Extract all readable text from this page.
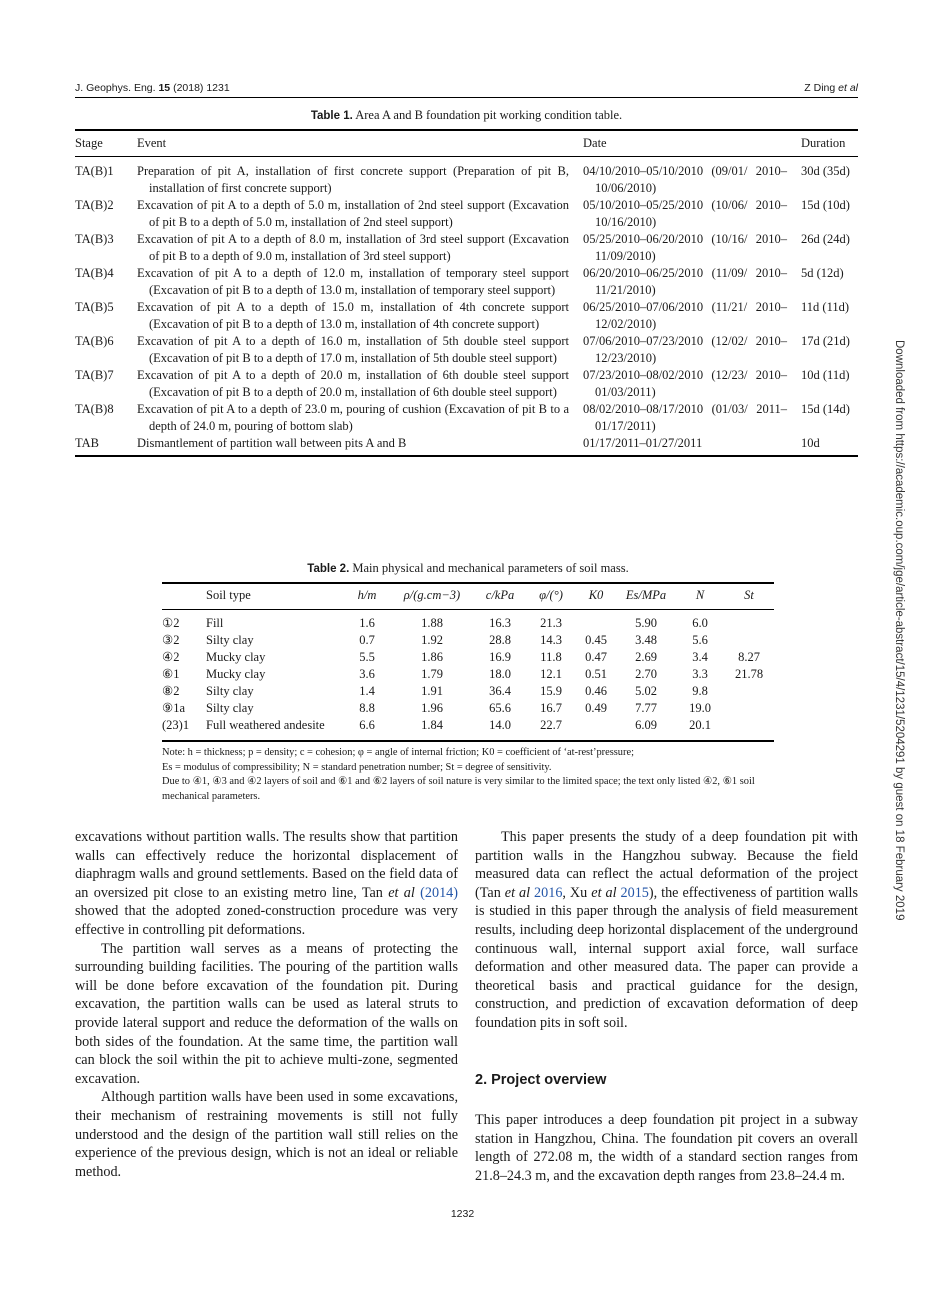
J. Geophys. Eng. 15 (2018) 1231	Z Ding et al
Table 1. Area A and B foundation pit working condition table.
Stage	Event	Date	Duration
TA(B)1	Preparation of pit A, installation of first concrete support (Preparation of pit B, installation of first concrete support)	04/10/2010–05/10/2010 (09/01/ 2010–10/06/2010)	30d (35d)
TA(B)2	Excavation of pit A to a depth of 5.0 m, installation of 2nd steel support (Excavation of pit B to a depth of 5.0 m, installation of 2nd steel support)	05/10/2010–05/25/2010 (10/06/ 2010–10/16/2010)	15d (10d)
TA(B)3	Excavation of pit A to a depth of 8.0 m, installation of 3rd steel support (Excavation of pit B to a depth of 9.0 m, installation of 3rd steel support)	05/25/2010–06/20/2010 (10/16/ 2010–11/09/2010)	26d (24d)
TA(B)4	Excavation of pit A to a depth of 12.0 m, installation of temporary steel support (Excavation of pit B to a depth of 13.0 m, installation of temporary steel support)	06/20/2010–06/25/2010 (11/09/ 2010–11/21/2010)	5d (12d)
TA(B)5	Excavation of pit A to a depth of 15.0 m, installation of 4th concrete support (Excavation of pit B to a depth of 13.0 m, installation of 4th concrete support)	06/25/2010–07/06/2010 (11/21/ 2010–12/02/2010)	11d (11d)
TA(B)6	Excavation of pit A to a depth of 16.0 m, installation of 5th double steel support (Excavation of pit B to a depth of 17.0 m, installation of 5th double steel support)	07/06/2010–07/23/2010 (12/02/ 2010–12/23/2010)	17d (21d)
TA(B)7	Excavation of pit A to a depth of 20.0 m, installation of 6th double steel support (Excavation of pit B to a depth of 20.0 m, installation of 6th double steel support)	07/23/2010–08/02/2010 (12/23/ 2010–01/03/2011)	10d (11d)
TA(B)8	Excavation of pit A to a depth of 23.0 m, pouring of cushion (Excavation of pit B to a depth of 24.0 m, pouring of bottom slab)	08/02/2010–08/17/2010 (01/03/ 2011–01/17/2011)	15d (14d)
TAB	Dismantlement of partition wall between pits A and B	01/17/2011–01/27/2011	10d
Table 2. Main physical and mechanical parameters of soil mass.
	Soil type	h/m	ρ/(g.cm−3)	c/kPa	φ/(°)	K0	Es/MPa	N	St
①2	Fill	1.6	1.88	16.3	21.3		5.90	6.0	
③2	Silty clay	0.7	1.92	28.8	14.3	0.45	3.48	5.6	
④2	Mucky clay	5.5	1.86	16.9	11.8	0.47	2.69	3.4	8.27
⑥1	Mucky clay	3.6	1.79	18.0	12.1	0.51	2.70	3.3	21.78
⑧2	Silty clay	1.4	1.91	36.4	15.9	0.46	5.02	9.8	
⑨1a	Silty clay	8.8	1.96	65.6	16.7	0.49	7.77	19.0	
(23)1	Full weathered andesite	6.6	1.84	14.0	22.7		6.09	20.1	
Note: h = thickness; p = density; c = cohesion; φ = angle of internal friction; K0 = coefficient of ‘at-rest’pressure;
Es = modulus of compressibility; N = standard penetration number; St = degree of sensitivity.
Due to ④1, ④3 and ④2 layers of soil and ⑥1 and ⑥2 layers of soil nature is very similar to the limited space; the text only listed ④2, ⑥1 soil mechanical parameters.

excavations without partition walls. The results show that partition walls can effectively reduce the horizontal displacement of diaphragm walls and ground settlements. Based on the field data of an oversized pit close to an existing metro line, Tan et al (2014) showed that the adopted zoned-construction procedure was very effective in controlling pit deformations.

The partition wall serves as a means of protecting the surrounding building facilities. The pouring of the partition walls will be done before excavation of the foundation pit. During excavation, the partition walls can be used as lateral struts to provide lateral support and reduce the deformation of the walls on both sides of the foundation. At the same time, the partition wall can block the soil within the pit to achieve multi-zone, segmented excavation.

Although partition walls have been used in some excavations, their mechanism of restraining movements is still not fully understood and the design of the partition wall still relies on the experience of the previous design, which is not an ideal or reliable method.

This paper presents the study of a deep foundation pit with partition walls in the Hangzhou subway. Because the field measured data can reflect the actual deformation of the project (Tan et al 2016, Xu et al 2015), the effectiveness of partition walls is studied in this paper through the analysis of field measurement results, including deep horizontal displacement of the underground continuous wall, internal support axial force, wall surface deformation and other measured data. The paper can provide a theoretical basis and practical guidance for the design, construction, and prediction of excavation deformation of deep foundation pits in soft soil.

2. Project overview

This paper introduces a deep foundation pit project in a subway station in Hangzhou, China. The foundation pit covers an overall length of 272.08 m, the width of a standard section ranges from 21.8–24.3 m, and the excavation depth ranges from 23.8–24.4 m.

1232
Downloaded from https://academic.oup.com/jge/article-abstract/15/4/1231/5204291 by guest on 18 February 2019
